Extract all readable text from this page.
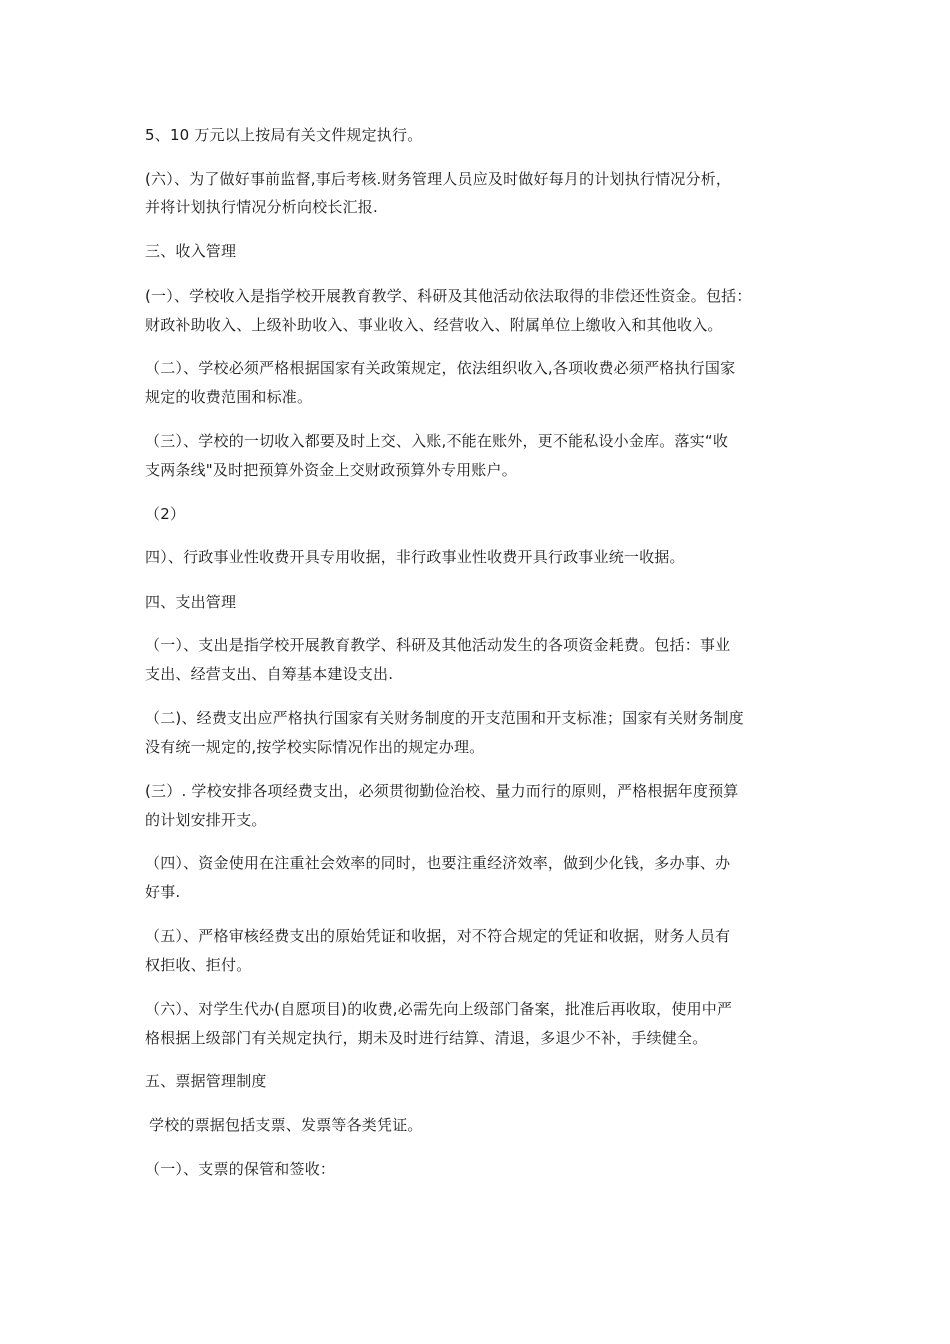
5、10 万元以上按局有关文件规定执行。
(六）、为了做好事前监督,事后考核.财务管理人员应及时做好每月的计划执行情况分析，
并将计划执行情况分析向校长汇报.
三、收入管理
(一）、学校收入是指学校开展教育教学、科研及其他活动依法取得的非偿还性资金。包括：
财政补助收入、上级补助收入、事业收入、经营收入、附属单位上缴收入和其他收入。
（二）、学校必须严格根据国家有关政策规定，依法组织收入,各项收费必须严格执行国家
规定的收费范围和标准。
（三）、学校的一切收入都要及时上交、入账,不能在账外，更不能私设小金库。落实“收
支两条线"及时把预算外资金上交财政预算外专用账户。
（2）
四）、行政事业性收费开具专用收据，非行政事业性收费开具行政事业统一收据。
四、支出管理
（一）、支出是指学校开展教育教学、科研及其他活动发生的各项资金耗费。包括：事业
支出、经营支出、自筹基本建设支出.
（二)、经费支出应严格执行国家有关财务制度的开支范围和开支标准；国家有关财务制度
没有统一规定的,按学校实际情况作出的规定办理。
(三）. 学校安排各项经费支出，必须贯彻勤俭治校、量力而行的原则，严格根据年度预算
的计划安排开支。
（四）、资金使用在注重社会效率的同时，也要注重经济效率，做到少化钱，多办事、办
好事.
（五）、严格审核经费支出的原始凭证和收据，对不符合规定的凭证和收据，财务人员有
权拒收、拒付。
（六）、对学生代办(自愿项目)的收费,必需先向上级部门备案，批准后再收取，使用中严
格根据上级部门有关规定执行，期未及时进行结算、清退，多退少不补，手续健全。
五、票据管理制度
学校的票据包括支票、发票等各类凭证。
（一）、支票的保管和签收：
